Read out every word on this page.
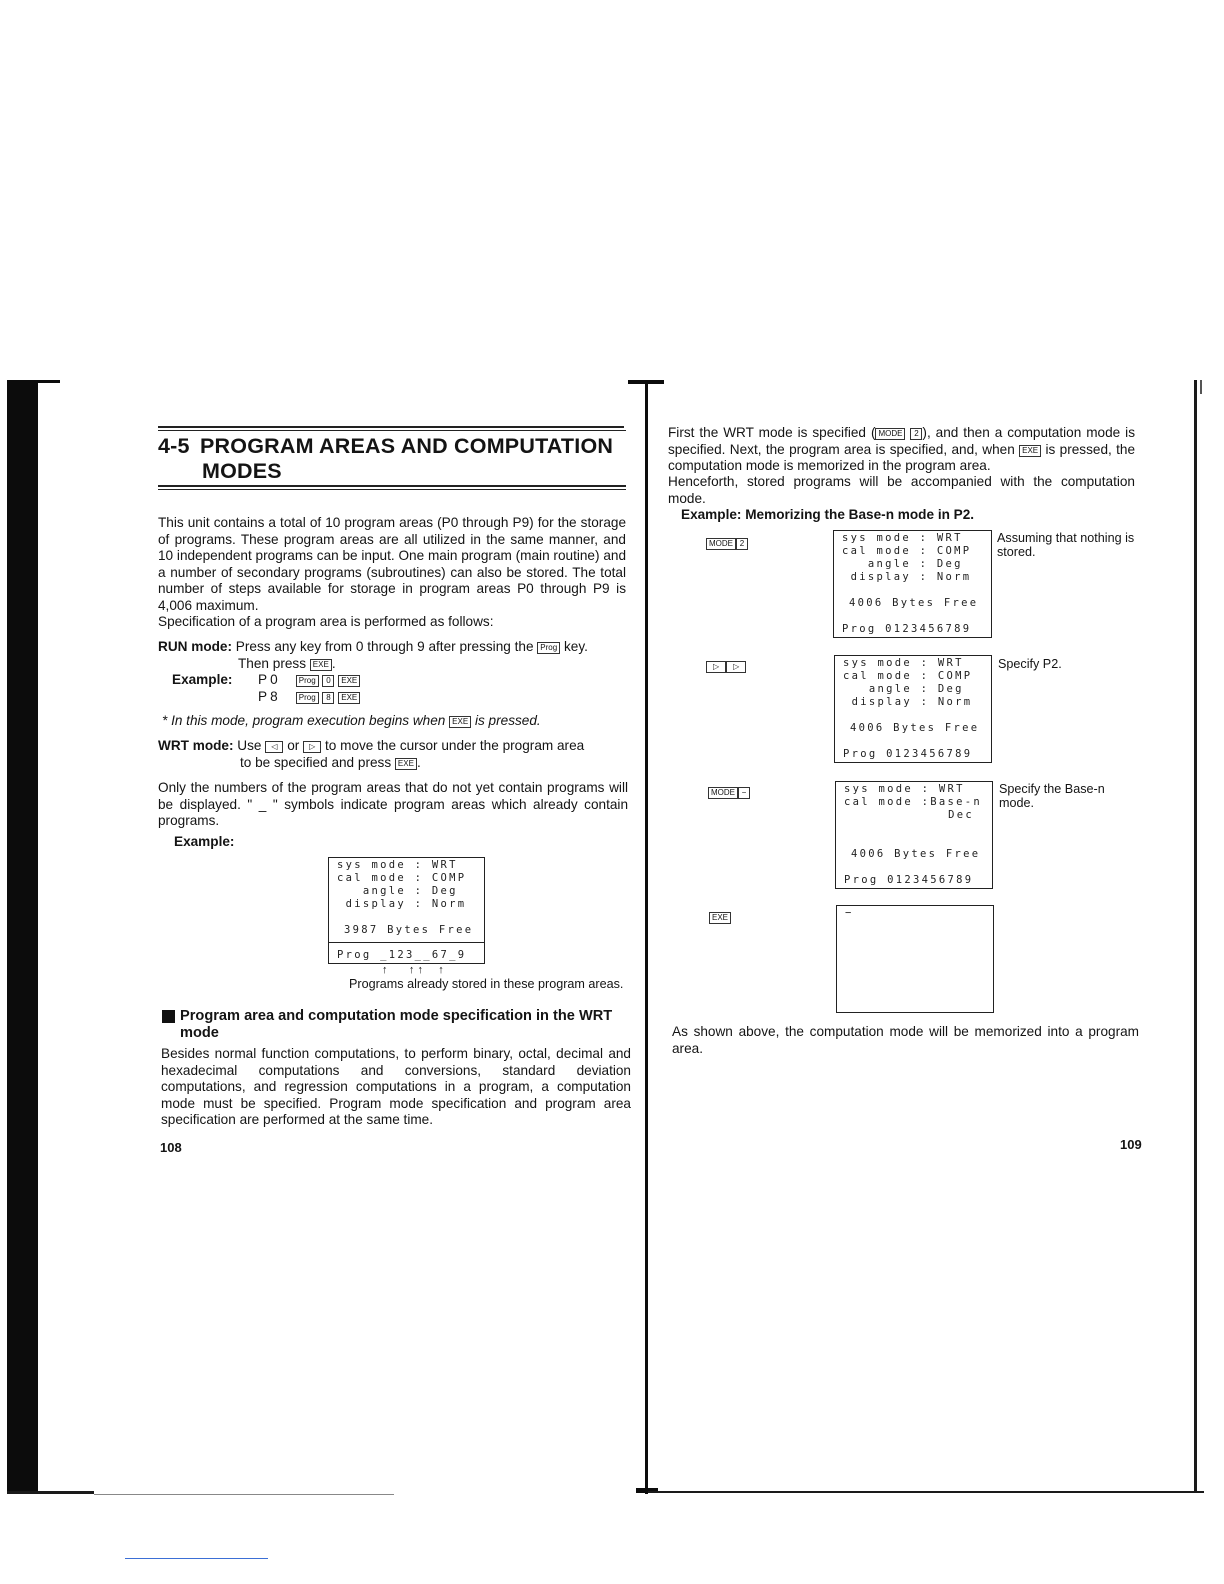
4-5 PROGRAM AREAS AND COMPUTATION
MODES
This unit contains a total of 10 program areas (P0 through P9) for the storage of programs. These program areas are all utilized in the same manner, and 10 independent programs can be input. One main program (main routine) and a number of secondary programs (subroutines) can also be stored. The total number of steps available for storage in program areas P0 through P9 is 4,006 maximum.
Specification of a program area is performed as follows:
RUN mode: Press any key from 0 through 9 after pressing the Prog key.
Then press EXE .
Example: P0 Prog 0 EXE
P8 Prog 8 EXE
* In this mode, program execution begins when EXE is pressed.
WRT mode: Use ◁ or ▷ to move the cursor under the program area
to be specified and press EXE .
Only the numbers of the program areas that do not yet contain programs will be displayed. " _ " symbols indicate program areas which already contain programs.
Example:
sys mode : WRT
cal mode : COMP
angle : Deg
display : Norm
3987 Bytes Free
Prog _123__67_9
↑       ↑ ↑     ↑
Programs already stored in these program areas.
Program area and computation mode specification in the WRT
mode
Besides normal function computations, to perform binary, octal, decimal and hexadecimal computations and conversions, standard deviation computations, and regression computations in a program, a computation mode must be specified. Program mode specification and program area specification are performed at the same time.
108
First the WRT mode is specified ( MODE 2 ), and then a computation mode is specified. Next, the program area is specified, and, when EXE is pressed, the computation mode is memorized in the program area.
Henceforth, stored programs will be accompanied with the computation mode.
Example: Memorizing the Base-n mode in P2.
MODE 2	sys mode : WRT
cal mode : COMP
angle : Deg
display : Norm
4006 Bytes Free
Prog 0123456789
Assuming that nothing is stored.
▷ ▷	sys mode : WRT
cal mode : COMP
angle : Deg
display : Norm
4006 Bytes Free
Prog 0123456789
Specify P2.
MODE −	sys mode : WRT
cal mode :Base-n
Dec
4006 Bytes Free
Prog 0123456789
Specify the Base-n mode.
EXE	−
As shown above, the computation mode will be memorized into a program area.
109
